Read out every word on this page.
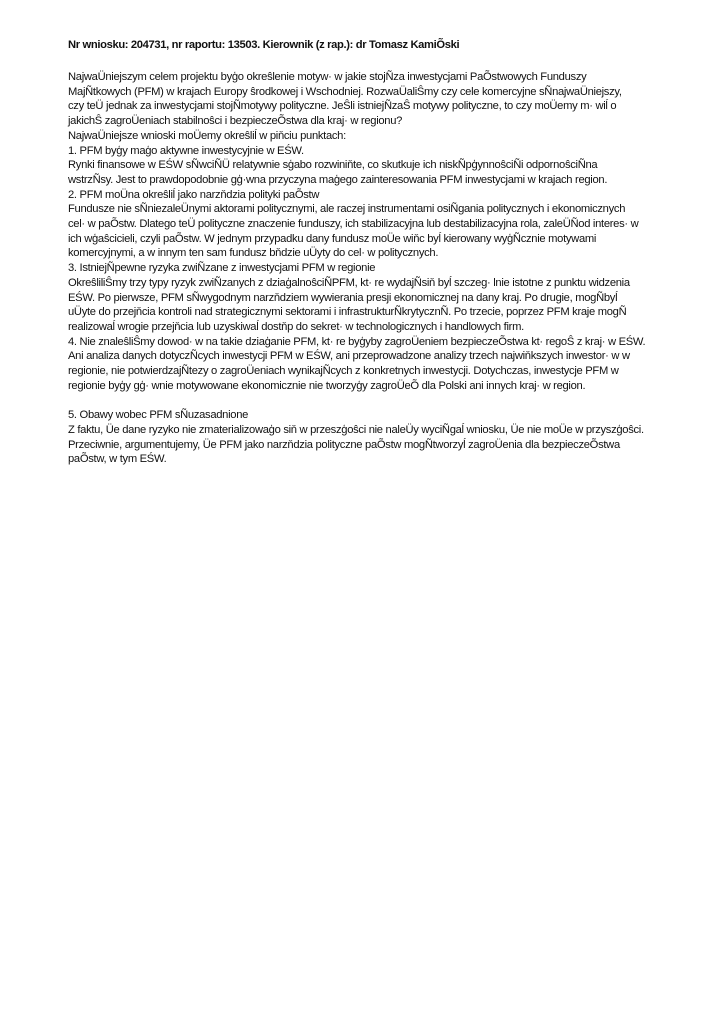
Nr wniosku: 204731, nr raportu: 13503. Kierownik (z rap.): dr Tomasz KamiÕski
NajwaÜniejszym celem projektu byģo okreŝlenie motyw· w jakie stojÑza inwestycjami PaÕstwowych Funduszy
MajÑtkowych (PFM) w krajach Europy ŝrodkowej i Wschodniej. RozwaÜaliŜmy czy cele komercyjne sÑnajwaÜniejszy,
czy teÜ jednak za inwestycjami stojÑmotywy polityczne. JeŜli istniejÑzaŜ motywy polityczne, to czy moÜemy m· wiĺ o
jakichŜ zagroÜeniach stabilnoŝci i bezpieczeÕstwa dla kraj· w regionu?
NajwaÜniejsze wnioski moÜemy okreŝliĺ w piňciu punktach:
1. PFM byģy maģo aktywne inwestycyjnie w EŚW.
Rynki finansowe w EŚW sÑwciÑÜ relatywnie sģabo rozwiniňte, co skutkuje ich niskÑpģynnoŝciÑi odpornoŝciÑna
wstrzÑsy. Jest to prawdopodobnie gģ·wna przyczyna maģego zainteresowania PFM inwestycjami w krajach region.
2. PFM moÜna okreŝliĺ jako narzňdzia polityki paÕstw
Fundusze nie sÑniezaleÜnymi aktorami politycznymi, ale raczej instrumentami osiÑgania politycznych i ekonomicznych
cel· w paÕstw. Dlatego teÜ polityczne znaczenie funduszy, ich stabilizacyjna lub destabilizacyjna rola, zaleÜÑod interes· w
ich wģaŝcicieli, czyli paÕstw. W jednym przypadku dany fundusz moÜe wiňc byĺ kierowany wyģÑcznie motywami
komercyjnymi, a w innym ten sam fundusz bňdzie uÜyty do cel· w politycznych.
3. IstniejÑpewne ryzyka zwiÑzane z inwestycjami PFM w regionie
OkreŝliliŜmy trzy typy ryzyk zwiÑzanych z dziaģalnoŝciÑPFM, kt· re wydajÑsiň byĺ szczeg· lnie istotne z punktu widzenia
EŚW. Po pierwsze, PFM sÑwygodnym narzňdziem wywierania presji ekonomicznej na dany kraj. Po drugie, mogÑbyĺ
uÜyte do przejňcia kontroli nad strategicznymi sektorami i infrastrukturÑkrytycznÑ. Po trzecie, poprzez PFM kraje mogÑ
realizowaĺ wrogie przejňcia lub uzyskiwaĺ dostňp do sekret· w technologicznych i handlowych firm.
4. Nie znaleŝliŜmy dowod· w na takie dziaģanie PFM, kt· re byģyby zagroÜeniem bezpieczeÕstwa kt· regoŜ z kraj· w EŚW.
Ani analiza danych dotyczÑcych inwestycji PFM w EŚW, ani przeprowadzone analizy trzech najwiňkszych inwestor· w w
regionie, nie potwierdzajÑtezy o zagroÜeniach wynikajÑcych z konkretnych inwestycji. Dotychczas, inwestycje PFM w
regionie byģy gģ· wnie motywowane ekonomicznie nie tworzyģy zagroÜeÕ dla Polski ani innych kraj· w region.
5. Obawy wobec PFM sÑuzasadnione
Z faktu, Üe dane ryzyko nie zmaterializowaģo siň w przeszģoŝci nie naleÜy wyciÑgaĺ wniosku, Üe nie moÜe w przyszģoŝci.
Przeciwnie, argumentujemy, Üe PFM jako narzňdzia polityczne paÕstw mogÑtworzyĺ zagroÜenia dla bezpieczeÕstwa
paÕstw, w tym EŚW.
